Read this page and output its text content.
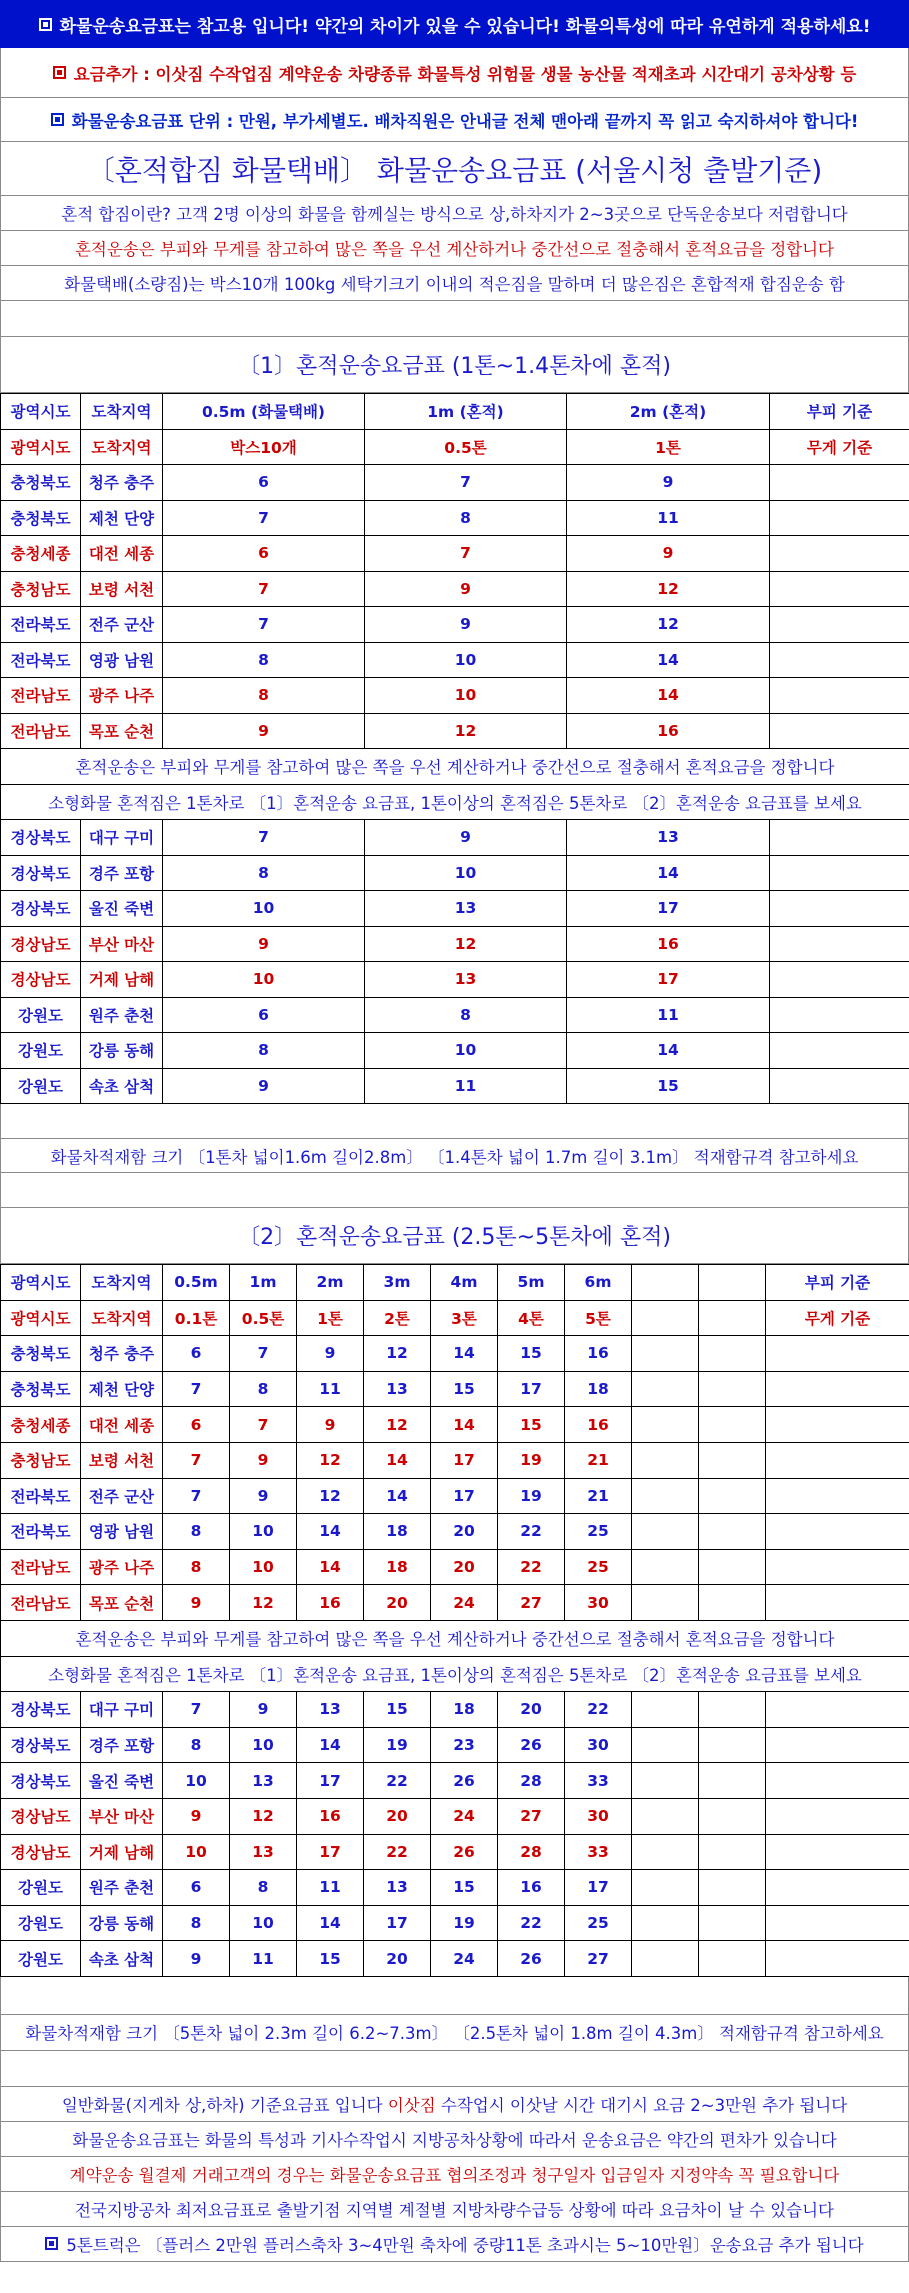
화물운송요금표는 참고용 입니다! 약간의 차이가 있을 수 있습니다! 화물의특성에 따라 유연하게 적용하세요!
요금추가 : 이삿짐 수작업짐 계약운송 차량종류 화물특성 위험물 생물 농산물 적재초과 시간대기 공차상황 등
화물운송요금표 단위 : 만원, 부가세별도. 배차직원은 안내글 전체 맨아래 끝까지 꼭 읽고 숙지하셔야 합니다!
〔혼적합짐 화물택배〕 화물운송요금표 (서울시청 출발기준)
혼적 합짐이란? 고객 2명 이상의 화물을 함께실는 방식으로 상,하차지가 2~3곳으로 단독운송보다 저렴합니다
혼적운송은 부피와 무게를 참고하여 많은 쪽을 우선 계산하거나 중간선으로 절충해서 혼적요금을 정합니다
화물택배(소량짐)는 박스10개 100kg 세탁기크기 이내의 적은짐을 말하며 더 많은짐은 혼합적재 합짐운송 함
〔1〕혼적운송요금표 (1톤~1.4톤차에 혼적)
광역시도	도착지역	0.5m (화물택배)	1m (혼적)	2m (혼적)	부피 기준
광역시도	도착지역	박스10개	0.5톤	1톤	무게 기준
충청북도	청주 충주	6	7	9	
충청북도	제천 단양	7	8	11	
충청세종	대전 세종	6	7	9	
충청남도	보령 서천	7	9	12	
전라북도	전주 군산	7	9	12	
전라북도	영광 남원	8	10	14	
전라남도	광주 나주	8	10	14	
전라남도	목포 순천	9	12	16	
혼적운송은 부피와 무게를 참고하여 많은 쪽을 우선 계산하거나 중간선으로 절충해서 혼적요금을 정합니다					
소형화물 혼적짐은 1톤차로 〔1〕혼적운송 요금표, 1톤이상의 혼적짐은 5톤차로 〔2〕혼적운송 요금표를 보세요					
경상북도	대구 구미	7	9	13	
경상북도	경주 포항	8	10	14	
경상북도	울진 죽변	10	13	17	
경상남도	부산 마산	9	12	16	
경상남도	거제 남해	10	13	17	
강원도	원주 춘천	6	8	11	
강원도	강릉 동해	8	10	14	
강원도	속초 삼척	9	11	15	
화물차적재함 크기 〔1톤차 넓이1.6m 길이2.8m〕 〔1.4톤차 넓이 1.7m 길이 3.1m〕 적재함규격 참고하세요
〔2〕혼적운송요금표 (2.5톤~5톤차에 혼적)
광역시도	도착지역	0.5m	1m	2m	3m	4m	5m	6m			부피 기준
광역시도	도착지역	0.1톤	0.5톤	1톤	2톤	3톤	4톤	5톤			무게 기준
충청북도	청주 충주	6	7	9	12	14	15	16			
충청북도	제천 단양	7	8	11	13	15	17	18			
충청세종	대전 세종	6	7	9	12	14	15	16			
충청남도	보령 서천	7	9	12	14	17	19	21			
전라북도	전주 군산	7	9	12	14	17	19	21			
전라북도	영광 남원	8	10	14	18	20	22	25			
전라남도	광주 나주	8	10	14	18	20	22	25			
전라남도	목포 순천	9	12	16	20	24	27	30			
혼적운송은 부피와 무게를 참고하여 많은 쪽을 우선 계산하거나 중간선으로 절충해서 혼적요금을 정합니다											
소형화물 혼적짐은 1톤차로 〔1〕혼적운송 요금표, 1톤이상의 혼적짐은 5톤차로 〔2〕혼적운송 요금표를 보세요											
경상북도	대구 구미	7	9	13	15	18	20	22			
경상북도	경주 포항	8	10	14	19	23	26	30			
경상북도	울진 죽변	10	13	17	22	26	28	33			
경상남도	부산 마산	9	12	16	20	24	27	30			
경상남도	거제 남해	10	13	17	22	26	28	33			
강원도	원주 춘천	6	8	11	13	15	16	17			
강원도	강릉 동해	8	10	14	17	19	22	25			
강원도	속초 삼척	9	11	15	20	24	26	27			
화물차적재함 크기 〔5톤차 넓이 2.3m 길이 6.2~7.3m〕 〔2.5톤차 넓이 1.8m 길이 4.3m〕 적재함규격 참고하세요
일반화물(지게차 상,하차) 기준요금표 입니다 이삿짐 수작업시 이삿날 시간 대기시 요금 2~3만원 추가 됩니다
화물운송요금표는 화물의 특성과 기사수작업시 지방공차상황에 따라서 운송요금은 약간의 편차가 있습니다
계약운송 월결제 거래고객의 경우는 화물운송요금표 협의조정과 청구일자 입금일자 지정약속 꼭 필요합니다
전국지방공차 최저요금표로 출발기점 지역별 계절별 지방차량수급등 상황에 따라 요금차이 날 수 있습니다
5톤트럭은 〔플러스 2만원 플러스축차 3~4만원 축차에 중량11톤 초과시는 5~10만원〕운송요금 추가 됩니다
